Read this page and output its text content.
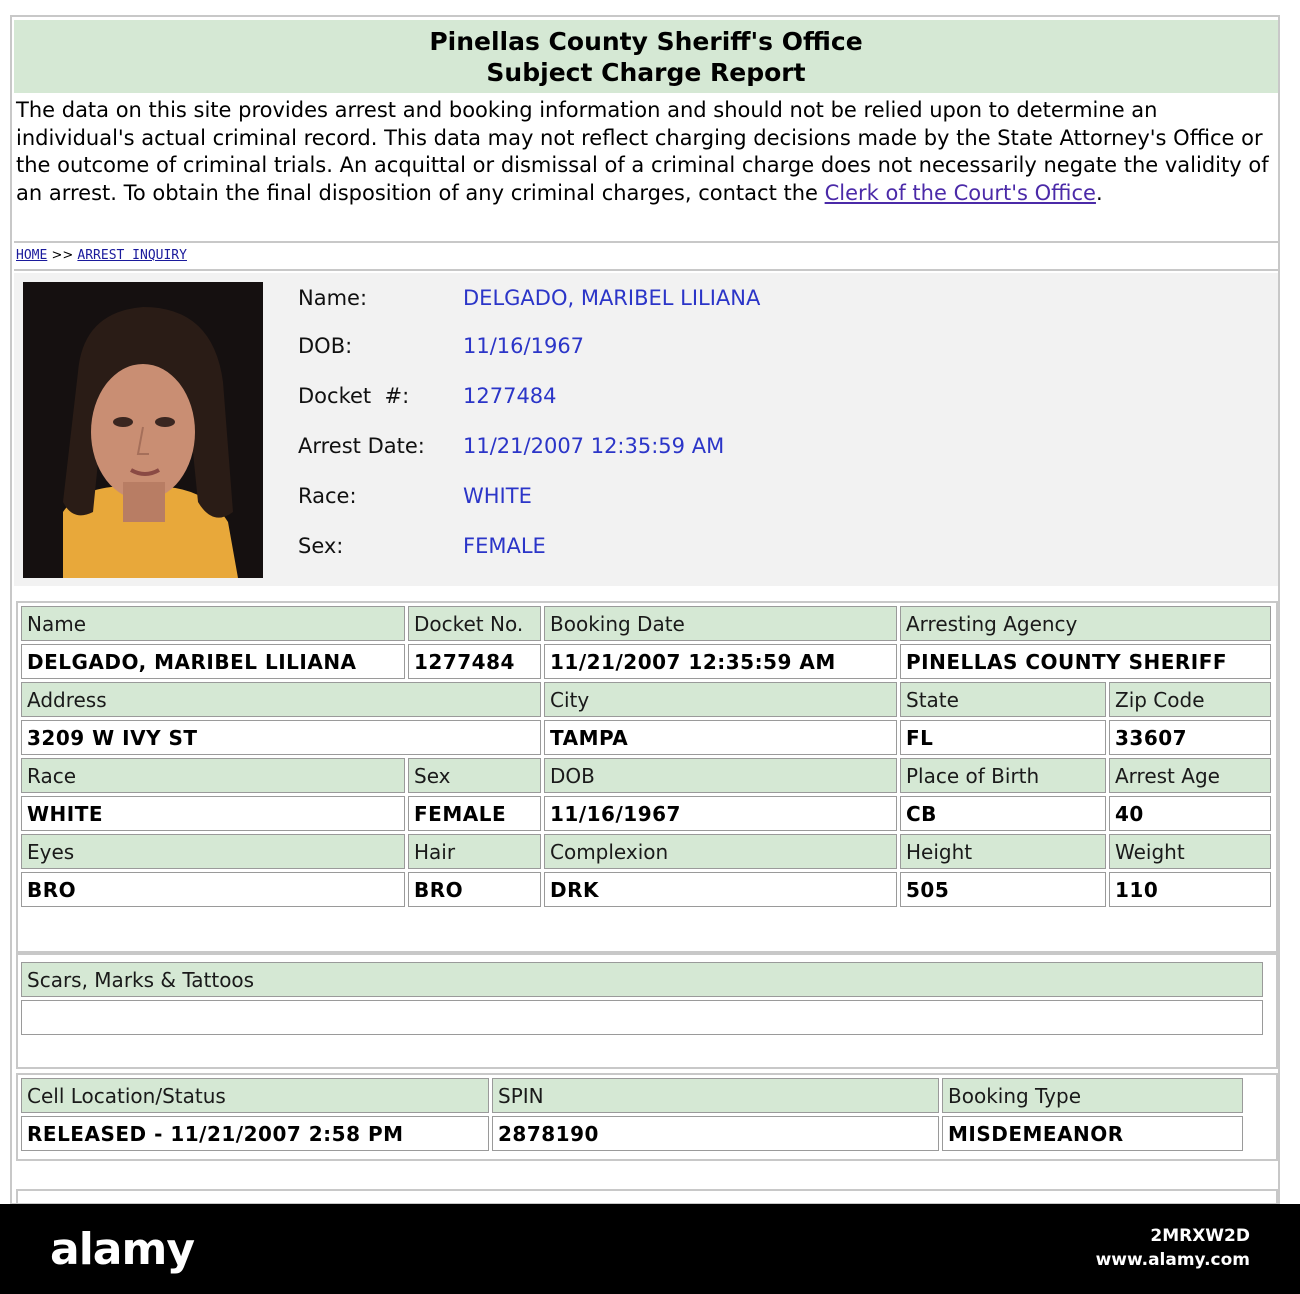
Pinellas County Sheriff's Office
Subject Charge Report
The data on this site provides arrest and booking information and should not be relied upon to determine an individual's actual criminal record. This data may not reflect charging decisions made by the State Attorney's Office or the outcome of criminal trials. An acquittal or dismissal of a criminal charge does not necessarily negate the validity of an arrest. To obtain the final disposition of any criminal charges, contact the Clerk of the Court's Office.
HOME >> ARREST INQUIRY
Name:	DELGADO, MARIBEL LILIANA
DOB:	11/16/1967
Docket  #:	1277484
Arrest Date:	11/21/2007 12:35:59 AM
Race:	WHITE
Sex:	FEMALE
Name	Docket No.	Booking Date	Arresting Agency	
DELGADO, MARIBEL LILIANA	1277484	11/21/2007 12:35:59 AM	PINELLAS COUNTY SHERIFF	
Address		City	State	Zip Code
3209 W IVY ST		TAMPA	FL	33607
Race	Sex	DOB	Place of Birth	Arrest Age
WHITE	FEMALE	11/16/1967	CB	40
Eyes	Hair	Complexion	Height	Weight
BRO	BRO	DRK	505	110
Scars, Marks & Tattoos

Cell Location/Status	SPIN	Booking Type
RELEASED - 11/21/2007 2:58 PM	2878190	MISDEMEANOR
alamy	2MRXW2D
www.alamy.com
